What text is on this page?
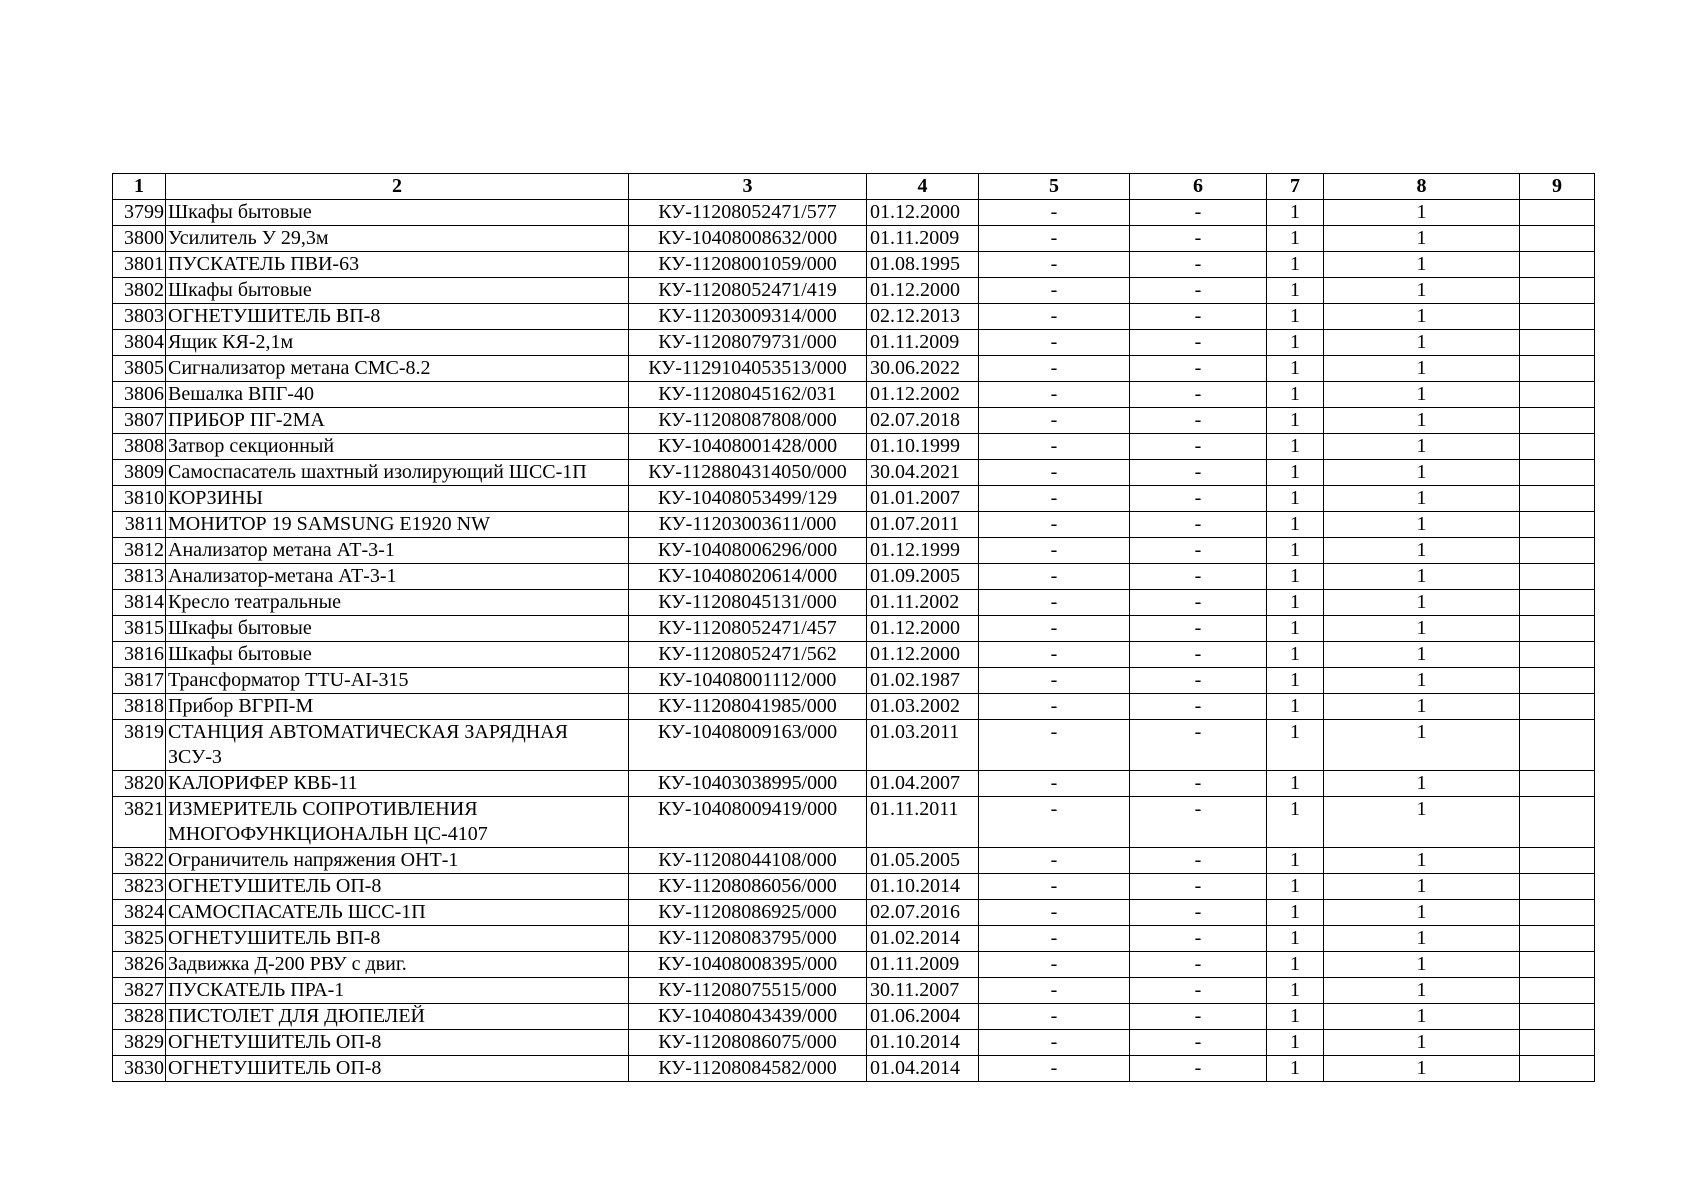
1	2	3	4	5	6	7	8	9
3799	Шкафы бытовые	КУ-11208052471/577	01.12.2000	-	-	1	1	
3800	Усилитель У 29,3м	КУ-10408008632/000	01.11.2009	-	-	1	1	
3801	ПУСКАТЕЛЬ ПВИ-63	КУ-11208001059/000	01.08.1995	-	-	1	1	
3802	Шкафы бытовые	КУ-11208052471/419	01.12.2000	-	-	1	1	
3803	ОГНЕТУШИТЕЛЬ ВП-8	КУ-11203009314/000	02.12.2013	-	-	1	1	
3804	Ящик КЯ-2,1м	КУ-11208079731/000	01.11.2009	-	-	1	1	
3805	Сигнализатор метана СМС-8.2	КУ-1129104053513/000	30.06.2022	-	-	1	1	
3806	Вешалка ВПГ-40	КУ-11208045162/031	01.12.2002	-	-	1	1	
3807	ПРИБОР ПГ-2МА	КУ-11208087808/000	02.07.2018	-	-	1	1	
3808	Затвор секционный	КУ-10408001428/000	01.10.1999	-	-	1	1	
3809	Самоспасатель шахтный изолирующий ШСС-1П	КУ-1128804314050/000	30.04.2021	-	-	1	1	
3810	КОРЗИНЫ	КУ-10408053499/129	01.01.2007	-	-	1	1	
3811	МОНИТОР 19 SAMSUNG E1920 NW	КУ-11203003611/000	01.07.2011	-	-	1	1	
3812	Анализатор метана АТ-3-1	КУ-10408006296/000	01.12.1999	-	-	1	1	
3813	Анализатор-метана АТ-3-1	КУ-10408020614/000	01.09.2005	-	-	1	1	
3814	Кресло театральные	КУ-11208045131/000	01.11.2002	-	-	1	1	
3815	Шкафы бытовые	КУ-11208052471/457	01.12.2000	-	-	1	1	
3816	Шкафы бытовые	КУ-11208052471/562	01.12.2000	-	-	1	1	
3817	Трансформатор TTU-AI-315	КУ-10408001112/000	01.02.1987	-	-	1	1	
3818	Прибор ВГРП-М	КУ-11208041985/000	01.03.2002	-	-	1	1	
3819	СТАНЦИЯ АВТОМАТИЧЕСКАЯ ЗАРЯДНАЯ ЗСУ-3	КУ-10408009163/000	01.03.2011	-	-	1	1	
3820	КАЛОРИФЕР КВБ-11	КУ-10403038995/000	01.04.2007	-	-	1	1	
3821	ИЗМЕРИТЕЛЬ СОПРОТИВЛЕНИЯ МНОГОФУНКЦИОНАЛЬН ЦС-4107	КУ-10408009419/000	01.11.2011	-	-	1	1	
3822	Ограничитель напряжения ОНТ-1	КУ-11208044108/000	01.05.2005	-	-	1	1	
3823	ОГНЕТУШИТЕЛЬ ОП-8	КУ-11208086056/000	01.10.2014	-	-	1	1	
3824	САМОСПАСАТЕЛЬ ШСС-1П	КУ-11208086925/000	02.07.2016	-	-	1	1	
3825	ОГНЕТУШИТЕЛЬ ВП-8	КУ-11208083795/000	01.02.2014	-	-	1	1	
3826	Задвижка Д-200 РВУ с двиг.	КУ-10408008395/000	01.11.2009	-	-	1	1	
3827	ПУСКАТЕЛЬ ПРА-1	КУ-11208075515/000	30.11.2007	-	-	1	1	
3828	ПИСТОЛЕТ ДЛЯ ДЮПЕЛЕЙ	КУ-10408043439/000	01.06.2004	-	-	1	1	
3829	ОГНЕТУШИТЕЛЬ ОП-8	КУ-11208086075/000	01.10.2014	-	-	1	1	
3830	ОГНЕТУШИТЕЛЬ ОП-8	КУ-11208084582/000	01.04.2014	-	-	1	1	
